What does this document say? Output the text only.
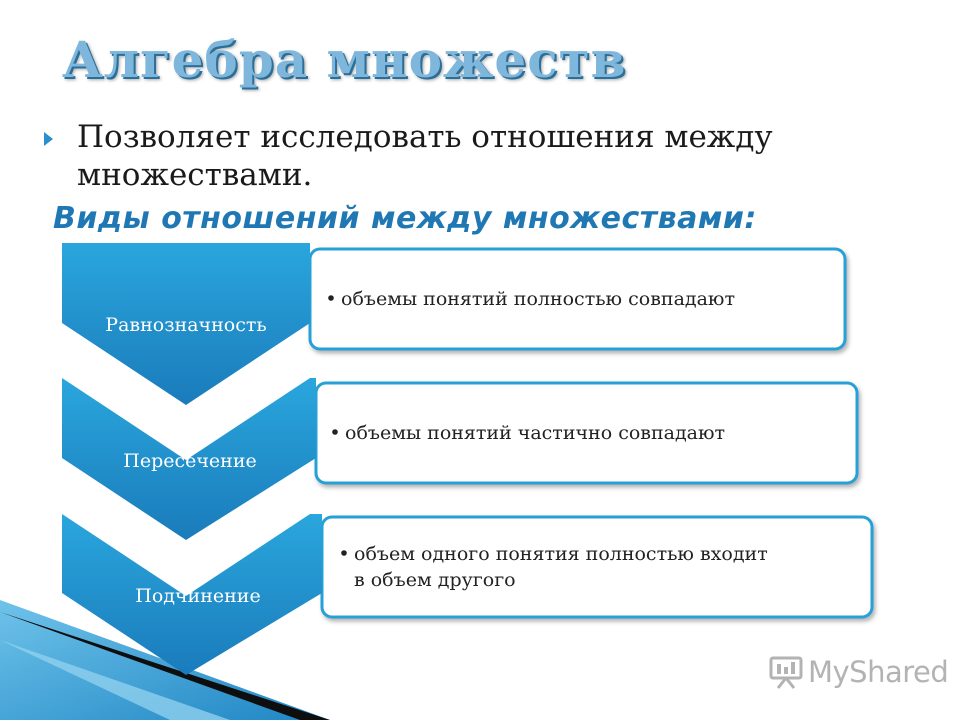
Алгебра множеств
Позволяет исследовать отношения между множествами.
Виды отношений между множествами:
Равнозначность
объемы понятий полностью совпадают
Пересечение
объемы понятий частично совпадают
Подчинение
объем одного понятия полностью входит
в объем другого
MyShared
